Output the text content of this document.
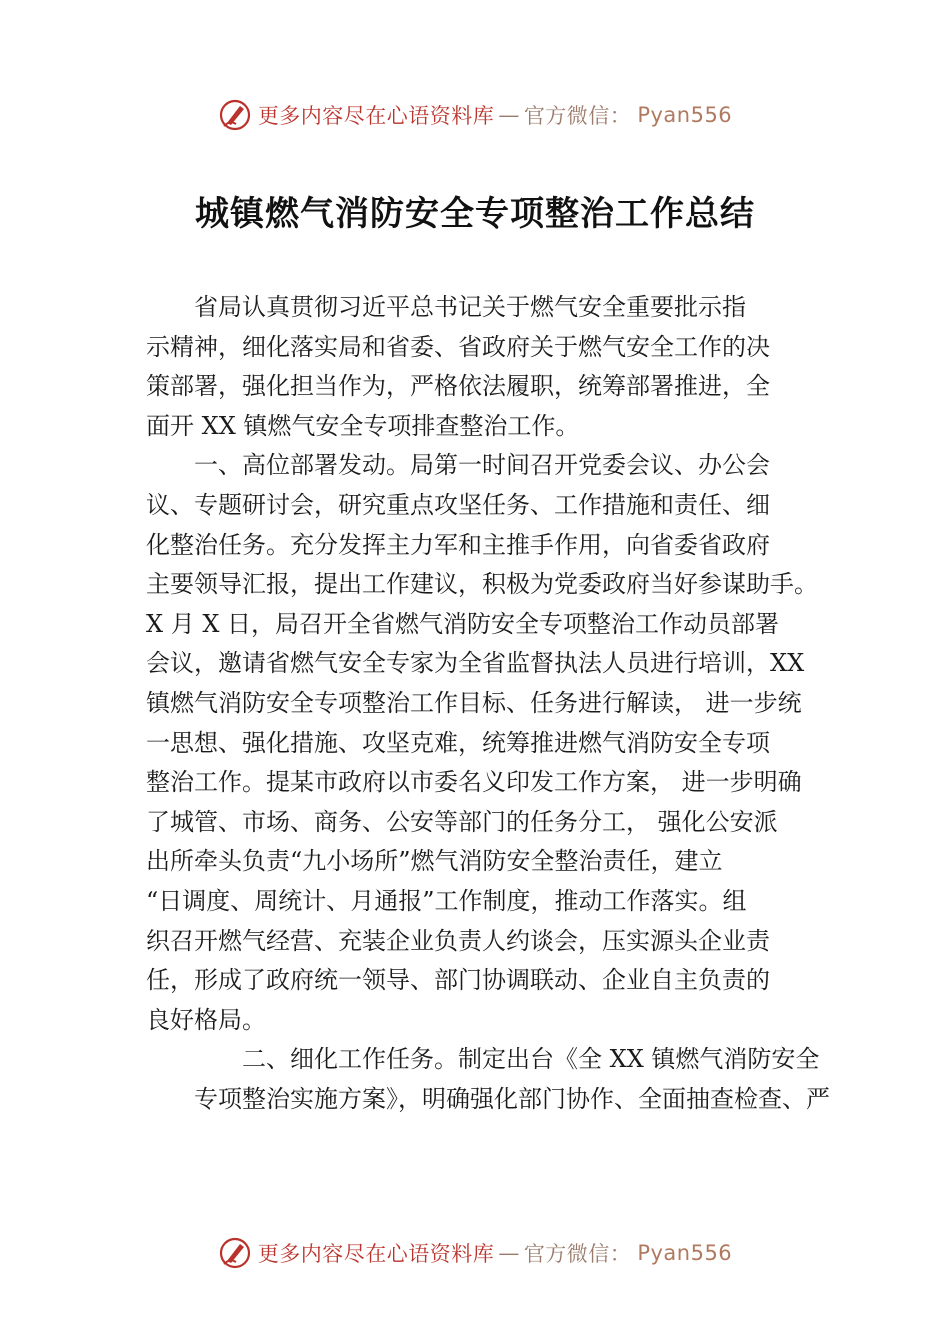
更多内容尽在心语资料库 — 官方微信： Pyan556
城镇燃气消防安全专项整治工作总结

省局认真贯彻习近平总书记关于燃气安全重要批示指

示精神，细化落实局和省委、省政府关于燃气安全工作的决

策部署，强化担当作为，严格依法履职，统筹部署推进，全

面开 XX 镇燃气安全专项排查整治工作。

一、高位部署发动。局第一时间召开党委会议、办公会

议、专题研讨会，研究重点攻坚任务、工作措施和责任、细

化整治任务。充分发挥主力军和主推手作用，向省委省政府

主要领导汇报，提出工作建议，积极为党委政府当好参谋助手。

X 月 X 日，局召开全省燃气消防安全专项整治工作动员部署

会议，邀请省燃气安全专家为全省监督执法人员进行培训，XX

镇燃气消防安全专项整治工作目标、任务进行解读， 进一步统

一思想、强化措施、攻坚克难，统筹推进燃气消防安全专项

整治工作。提某市政府以市委名义印发工作方案， 进一步明确

了城管、市场、商务、公安等部门的任务分工， 强化公安派

出所牵头负责“九小场所”燃气消防安全整治责任，建立

“日调度、周统计、月通报”工作制度，推动工作落实。组

织召开燃气经营、充装企业负责人约谈会，压实源头企业责

任，形成了政府统一领导、部门协调联动、企业自主负责的

良好格局。

二、细化工作任务。制定出台《全 XX 镇燃气消防安全

专项整治实施方案》，明确强化部门协作、全面抽查检查、严

更多内容尽在心语资料库 — 官方微信： Pyan556
